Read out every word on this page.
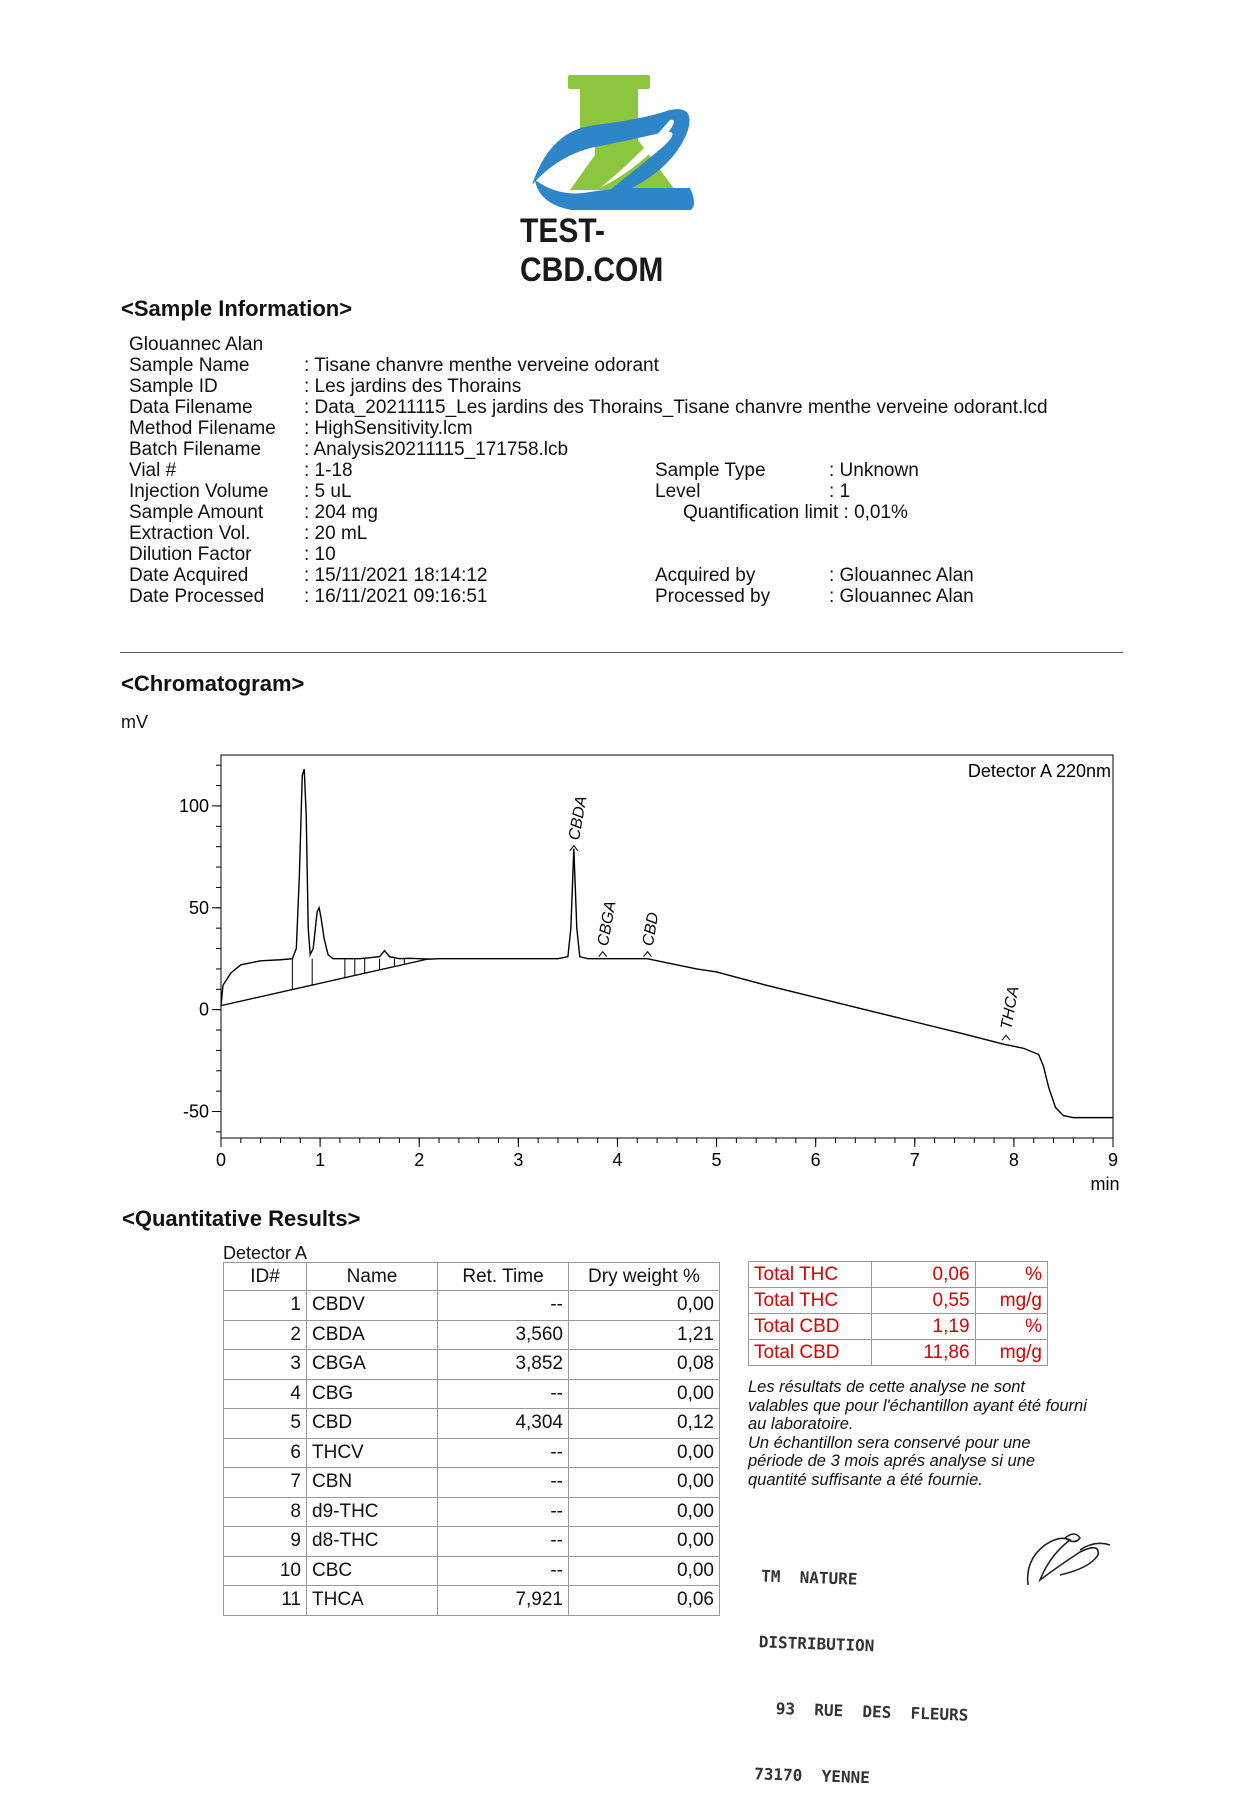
TEST-CBD.COM
<Sample Information>
Glouannec Alan
Sample Name	: Tisane chanvre menthe verveine odorant
Sample ID	: Les jardins des Thorains
Data Filename	: Data_20211115_Les jardins des Thorains_Tisane chanvre menthe verveine odorant.lcd
Method Filename : HighSensitivity.lcm
Batch Filename : Analysis20211115_171758.lcb
Vial #	: 1-18
Injection Volume : 5 uL
Sample Amount : 204 mg
Extraction Vol.	: 20 mL
Dilution Factor	: 10
Date Acquired	: 15/11/2021 18:14:12
Date Processed : 16/11/2021 09:16:51
Sample Type	: Unknown
Level	: 1
Quantification limit : 0,01%
Acquired by	: Glouannec Alan
Processed by	: Glouannec Alan
<Chromatogram>
mV
0	1	2	3	4	5	6	7	8	9
-50
0
50
100
min
Detector A 220nm
CBDA
CBGA CBD
THCA
<Quantitative Results>
Detector A
ID#	Name	Ret. Time	Dry weight %
1	CBDV	--	0,00
2	CBDA	3,560	1,21
3	CBGA	3,852	0,08
4	CBG	--	0,00
5	CBD	4,304	0,12
6	THCV	--	0,00
7	CBN	--	0,00
8	d9-THC	--	0,00
9	d8-THC	--	0,00
10	CBC	--	0,00
11	THCA	7,921	0,06
Total THC	0,06	%
Total THC	0,55	mg/g
Total CBD	1,19	%
Total CBD	11,86	mg/g
Les résultats de cette analyse ne sont valables que pour l'échantillon ayant été fourni au laboratoire.
Un échantillon sera conservé pour une période de 3 mois aprés analyse si une quantité suffisante a été fournie.

TM  NATURE

DISTRIBUTION

93  RUE  DES  FLEURS

73170  YENNE
